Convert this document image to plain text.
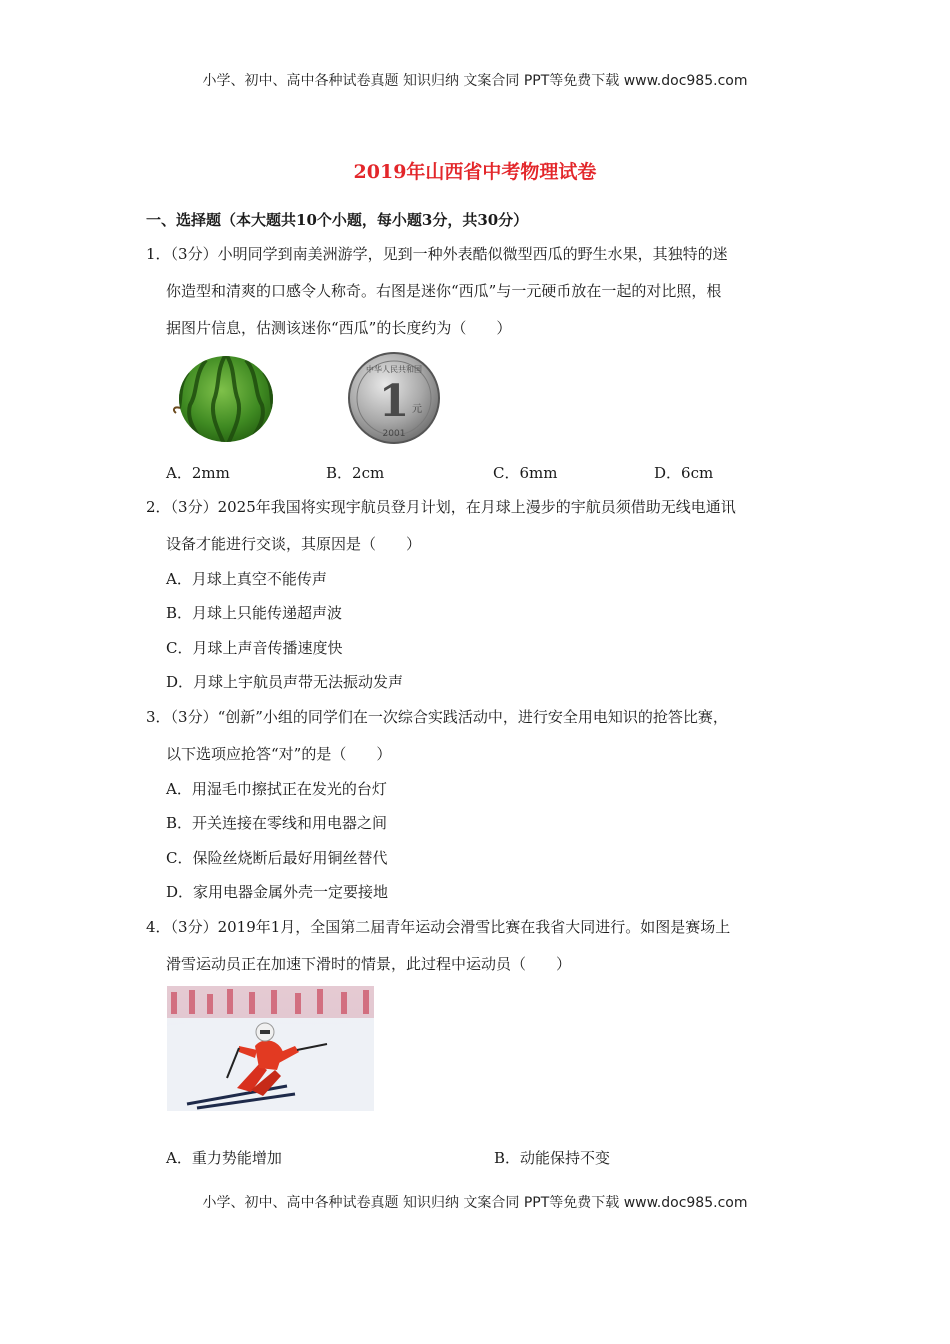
小学、初中、高中各种试卷真题 知识归纳 文案合同 PPT等免费下载 www.doc985.com
2019年山西省中考物理试卷
一、选择题（本大题共10个小题，每小题3分，共30分）
1．（3分）小明同学到南美洲游学，见到一种外表酷似微型西瓜的野生水果，其独特的迷
你造型和清爽的口感令人称奇。右图是迷你“西瓜”与一元硬币放在一起的对比照，根
据图片信息，估测该迷你“西瓜”的长度约为（　　）
中华人民共和国
1 元
2001
A．2mm	B．2cm	C．6mm	D．6cm
2．（3分）2025年我国将实现宇航员登月计划，在月球上漫步的宇航员须借助无线电通讯
设备才能进行交谈，其原因是（　　）
A．月球上真空不能传声
B．月球上只能传递超声波
C．月球上声音传播速度快
D．月球上宇航员声带无法振动发声
3．（3分）“创新”小组的同学们在一次综合实践活动中，进行安全用电知识的抢答比赛，
以下选项应抢答“对”的是（　　）
A．用湿毛巾擦拭正在发光的台灯
B．开关连接在零线和用电器之间
C．保险丝烧断后最好用铜丝替代
D．家用电器金属外壳一定要接地
4．（3分）2019年1月，全国第二届青年运动会滑雪比赛在我省大同进行。如图是赛场上
滑雪运动员正在加速下滑时的情景，此过程中运动员（　　）
A．重力势能增加	B．动能保持不变
小学、初中、高中各种试卷真题 知识归纳 文案合同 PPT等免费下载 www.doc985.com
